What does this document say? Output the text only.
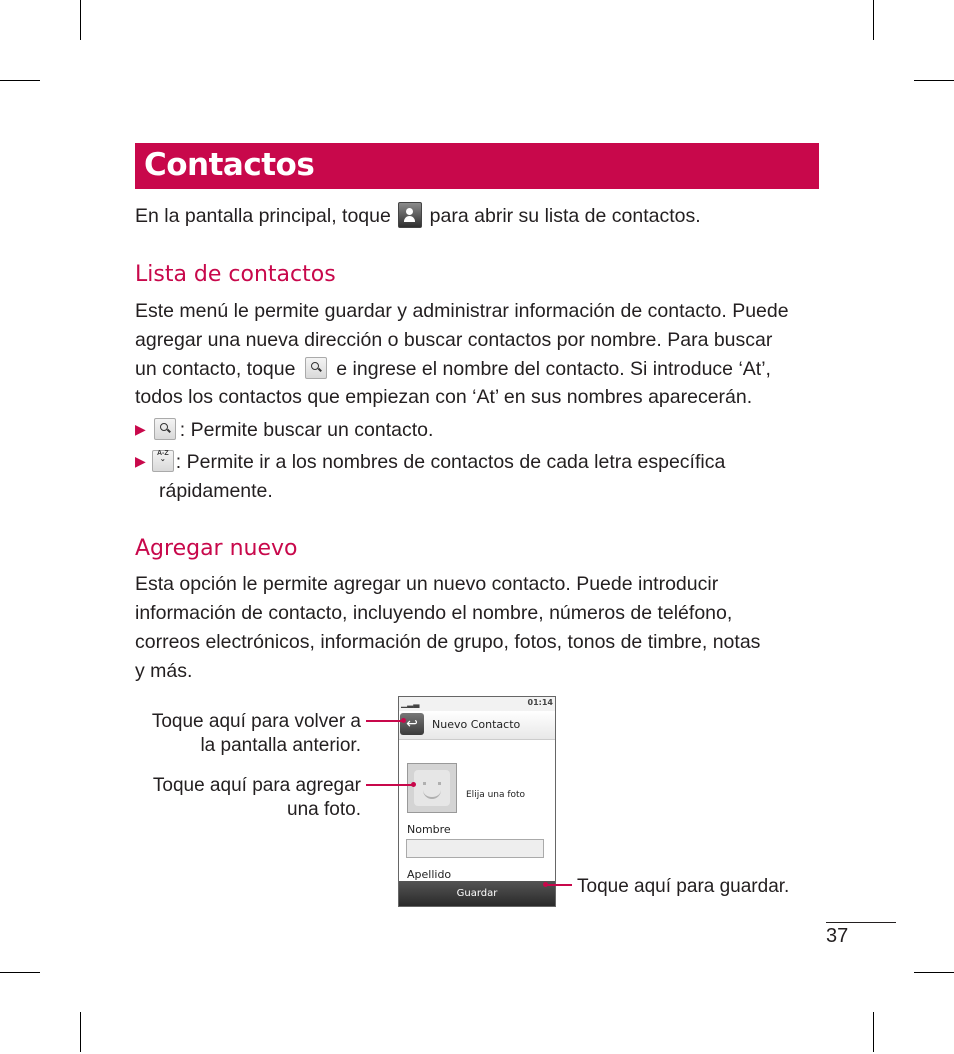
Contactos
En la pantalla principal, toque  para abrir su lista de contactos.
Lista de contactos
Este menú le permite guardar y administrar información de contacto. Puede
agregar una nueva dirección o buscar contactos por nombre. Para buscar
un contacto, toque  e ingrese el nombre del contacto. Si introduce ‘At’,
todos los contactos que empiezan con ‘At’ en sus nombres aparecerán.
▶ : Permite buscar un contacto.
▶	A-Z
⌄ : Permite ir a los nombres de contactos de cada letra específica
rápidamente.
Agregar nuevo
Esta opción le permite agregar un nuevo contacto. Puede introducir
información de contacto, incluyendo el nombre, números de teléfono,
correos electrónicos, información de grupo, fotos, tonos de timbre, notas
y más.
▁▂▃	01:14
↩	Nuevo Contacto
Elija una foto
Nombre
Apellido
Guardar
Toque aquí para volver a
la pantalla anterior.
Toque aquí para agregar
una foto.
Toque aquí para guardar.
37
